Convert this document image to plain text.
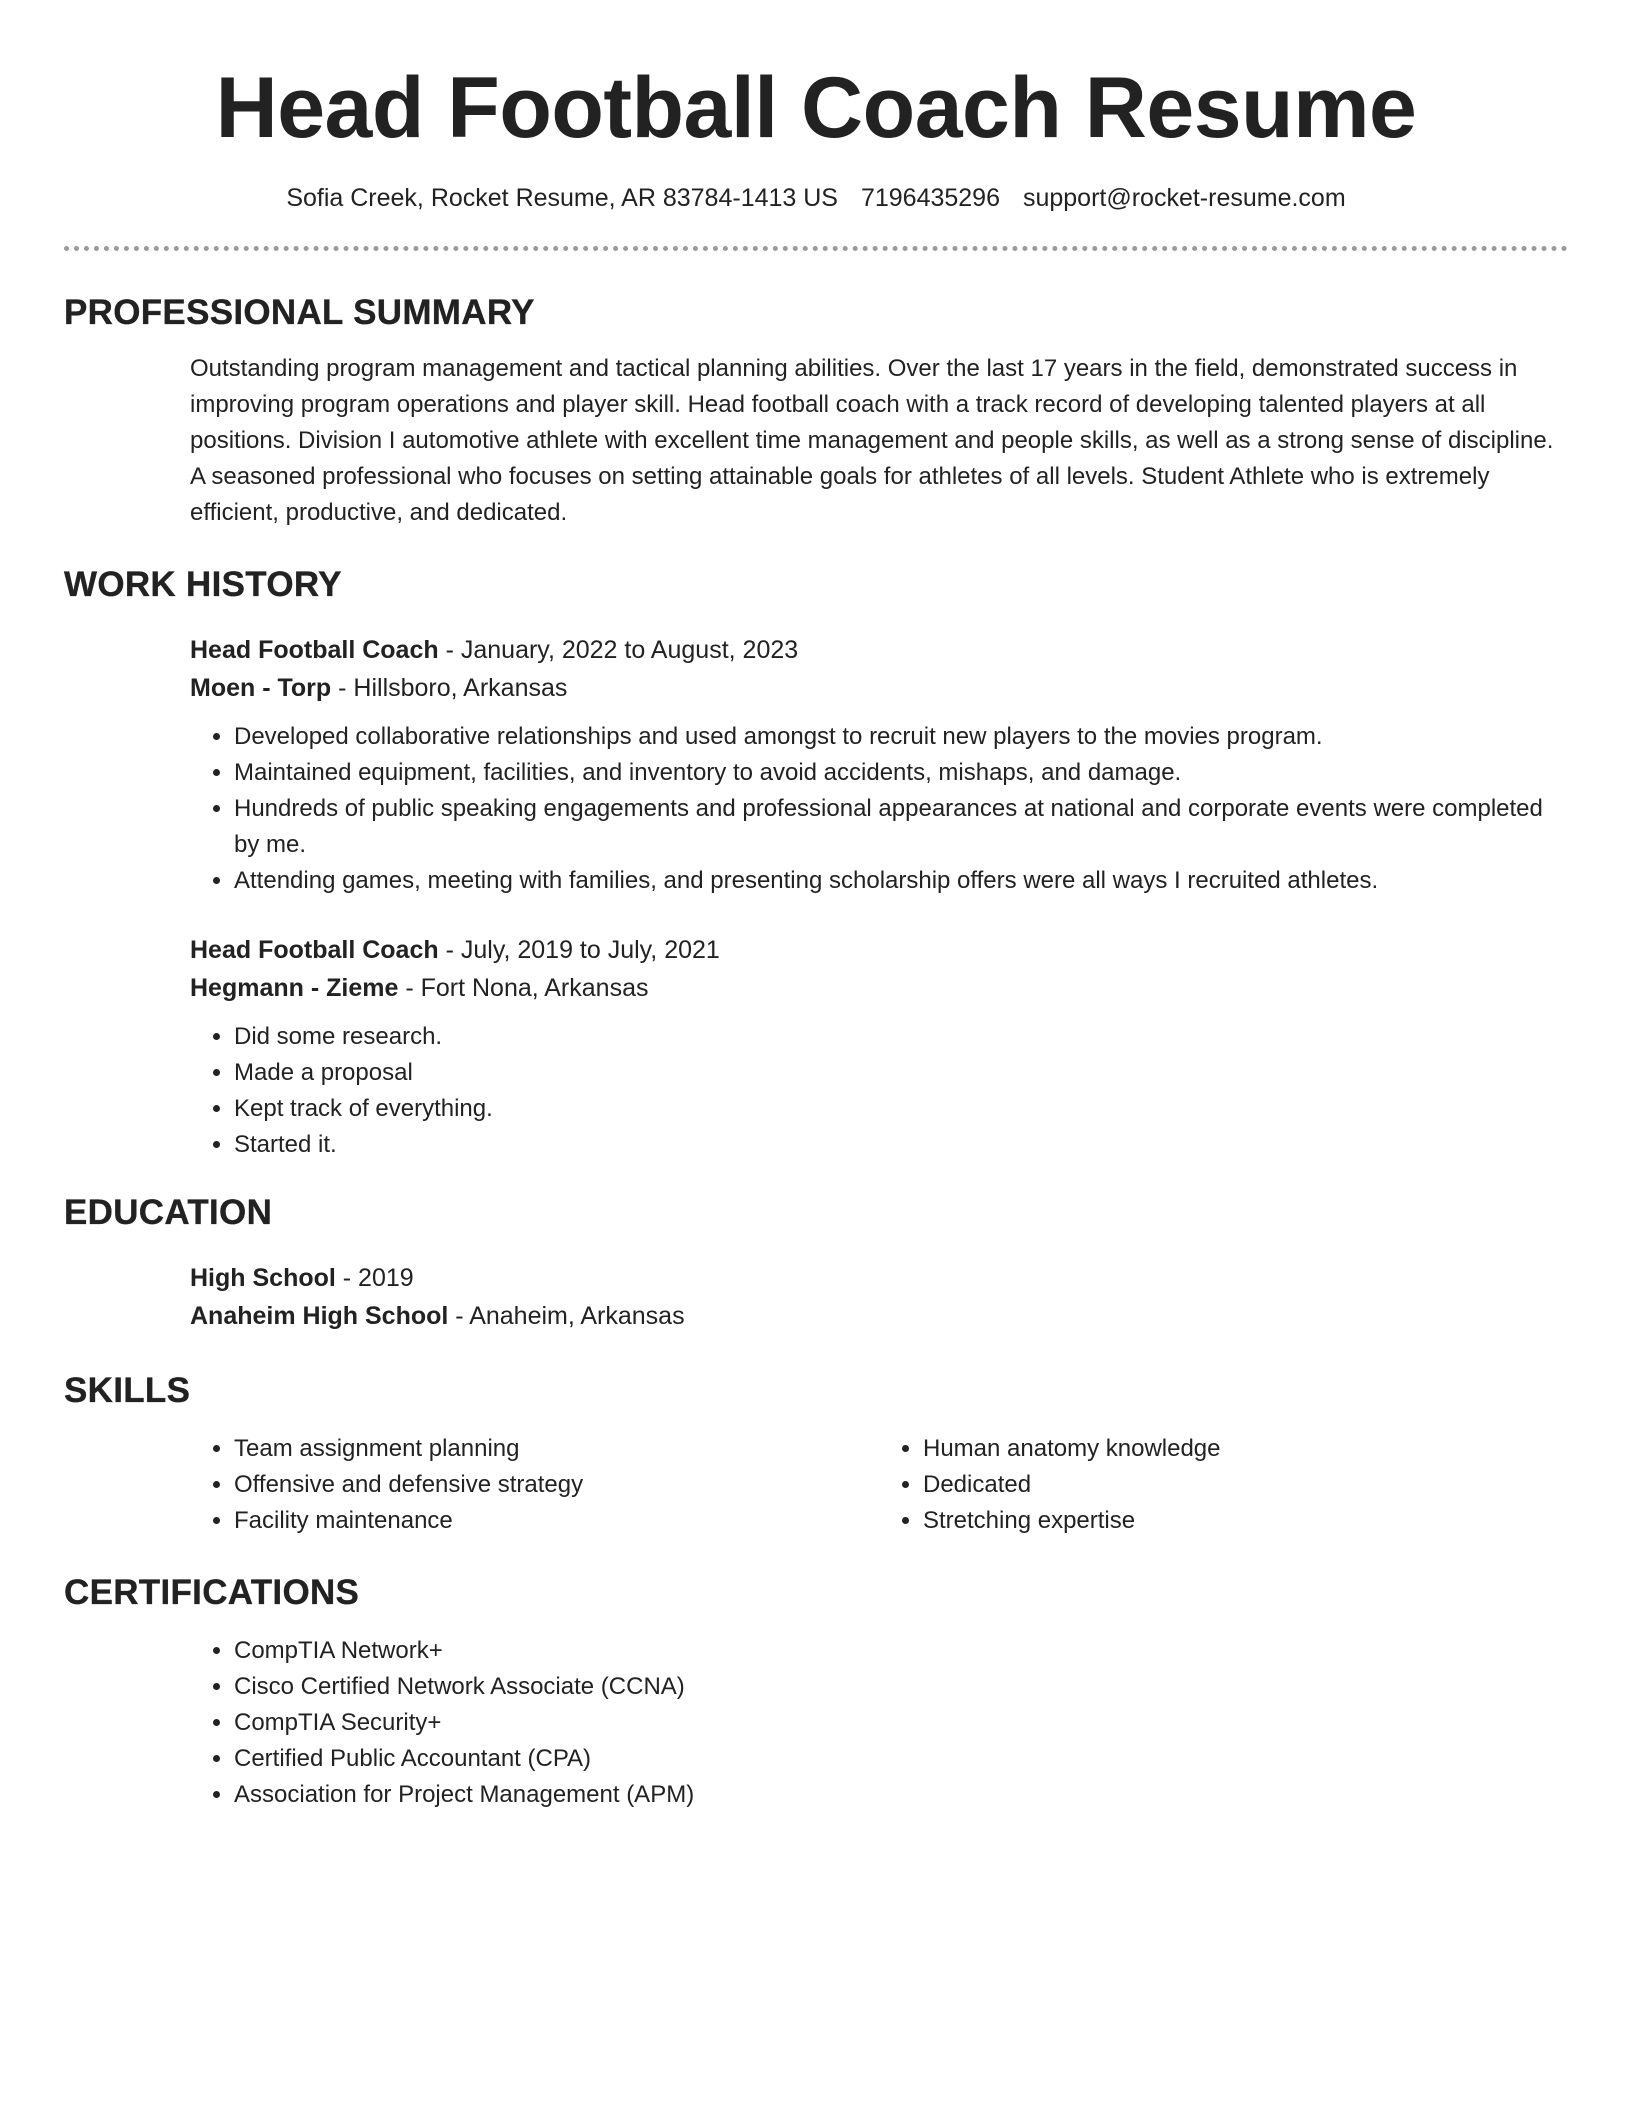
Head Football Coach Resume
Sofia Creek, Rocket Resume, AR 83784-1413 US 7196435296 support@rocket-resume.com
PROFESSIONAL SUMMARY

Outstanding program management and tactical planning abilities. Over the last 17 years in the field, demonstrated success in improving program operations and player skill. Head football coach with a track record of developing talented players at all positions. Division I automotive athlete with excellent time management and people skills, as well as a strong sense of discipline. A seasoned professional who focuses on setting attainable goals for athletes of all levels. Student Athlete who is extremely efficient, productive, and dedicated.

WORK HISTORY
Head Football Coach - January, 2022 to August, 2023
Moen - Torp - Hillsboro, Arkansas
• Developed collaborative relationships and used amongst to recruit new players to the movies program.
• Maintained equipment, facilities, and inventory to avoid accidents, mishaps, and damage.
• Hundreds of public speaking engagements and professional appearances at national and corporate events were completed by me.
• Attending games, meeting with families, and presenting scholarship offers were all ways I recruited athletes.
Head Football Coach - July, 2019 to July, 2021
Hegmann - Zieme - Fort Nona, Arkansas
• Did some research.
• Made a proposal
• Kept track of everything.
• Started it.
EDUCATION
High School - 2019
Anaheim High School - Anaheim, Arkansas
SKILLS
• Team assignment planning
• Offensive and defensive strategy
• Facility maintenance
• Human anatomy knowledge
• Dedicated
• Stretching expertise
CERTIFICATIONS
• CompTIA Network+
• Cisco Certified Network Associate (CCNA)
• CompTIA Security+
• Certified Public Accountant (CPA)
• Association for Project Management (APM)
